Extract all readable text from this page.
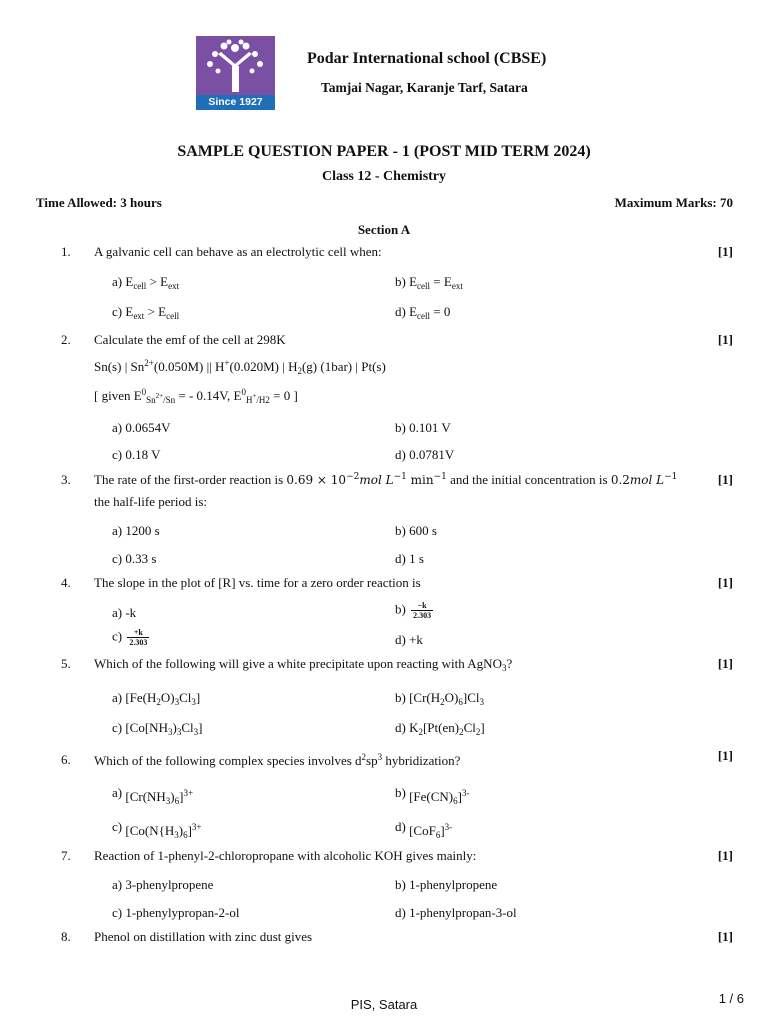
Since 1927
Podar International school (CBSE)
Tamjai Nagar, Karanje Tarf, Satara
SAMPLE QUESTION PAPER - 1 (POST MID TERM 2024)
Class 12 - Chemistry
Time Allowed: 3 hours	Maximum Marks: 70
Section A
1. A galvanic cell can behave as an electrolytic cell when:	[1]
a) $E_{cell} > E_{ext}$	b) $E_{cell} = E_{ext}$
c) $E_{ext} > E_{cell}$	d) $E_{cell} = 0$
2. Calculate the emf of the cell at 298K	[1]
Sn(s) | $Sn^{2+}(0.050M)$ || H+(0.020M) | $H_2(g)$ (1bar) | Pt(s)
[ given $E^0_{Sn^{2+}/Sn}$ = - 0.14V, $E^0_{H^+/H2} = 0$ ]
a) 0.0654V	b) 0.101 V
c) 0.18 V	d) 0.0781V
3. The rate of the first-order reaction is $0.69 \times 10^{-2}mol$ $L^{-1}$ $\min^{-1}$ and the initial concentration is 0.2mol $L^{-1}$	[1]
the half-life period is:
a) 1200 s	b) 600 s
c) 0.33 s	d) 1 s
4. The slope in the plot of [R] vs. time for a zero order reaction is	[1]
a) -k	$b) \frac{-k}{2.303}$
$c) \frac{+k}{2.303}$	d) +k
5. Which of the following will give a white precipitate upon reacting with AgNO$_3$?	[1]
a) $[Fe(H_2O)_3Cl_3]$	b) $[Cr(H_2O)_6]Cl_3$
c) $[Co[NH_3)_3Cl_3]$	d) $K_2[Pt(en)_2Cl_2]$
6. Which of the following complex species involves $d^2sp^3$ hybridization?	[1]
a) $[Cr(NH_3)_6]^{3+}$	b) $[Fe(CN)_6]^{3-}$
c) [$Co(N\{H_3)_6]^{3+}$	d) $[CoF_6]^{3-}$
7. Reaction of 1-phenyl-2-chloropropane with alcoholic KOH gives mainly:	[1]
a) 3-phenylpropene	b) 1-phenylpropene
c) 1-phenylypropan-2-ol	d) 1-phenylpropan-3-ol
8. Phenol on distillation with zinc dust gives	[1]
PIS, Satara	1 / 6
